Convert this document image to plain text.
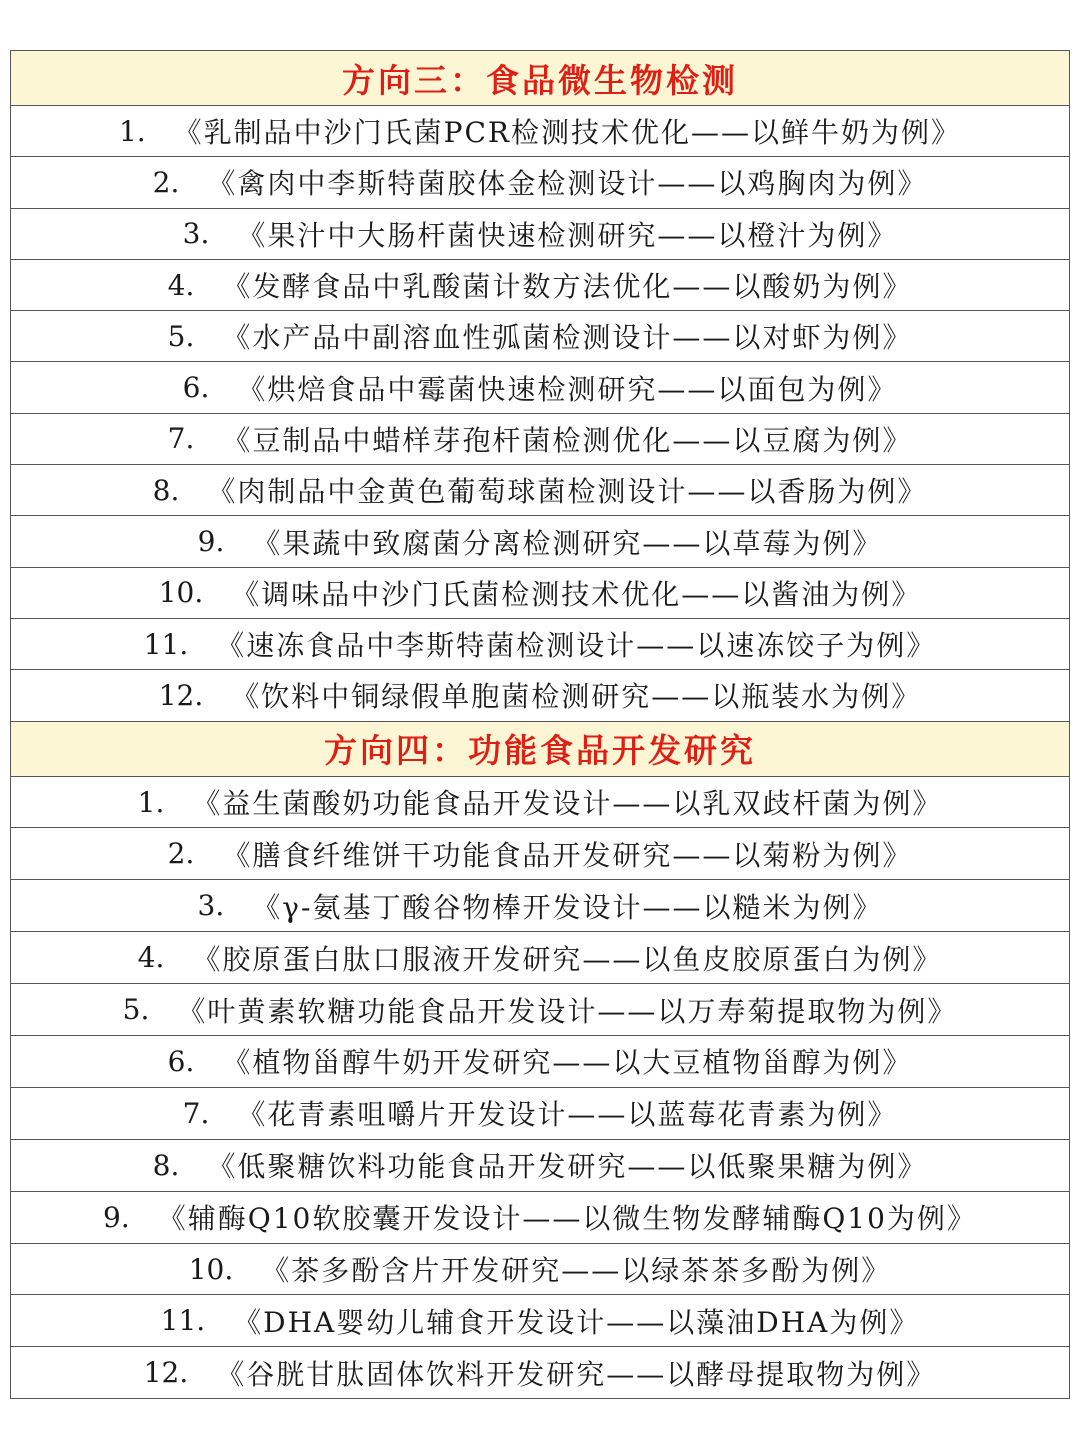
方向三：食品微生物检测
1. 《乳制品中沙门氏菌PCR检测技术优化——以鲜牛奶为例》
2. 《禽肉中李斯特菌胶体金检测设计——以鸡胸肉为例》
3. 《果汁中大肠杆菌快速检测研究——以橙汁为例》
4. 《发酵食品中乳酸菌计数方法优化——以酸奶为例》
5. 《水产品中副溶血性弧菌检测设计——以对虾为例》
6. 《烘焙食品中霉菌快速检测研究——以面包为例》
7. 《豆制品中蜡样芽孢杆菌检测优化——以豆腐为例》
8. 《肉制品中金黄色葡萄球菌检测设计——以香肠为例》
9. 《果蔬中致腐菌分离检测研究——以草莓为例》
10. 《调味品中沙门氏菌检测技术优化——以酱油为例》
11. 《速冻食品中李斯特菌检测设计——以速冻饺子为例》
12. 《饮料中铜绿假单胞菌检测研究——以瓶装水为例》
方向四：功能食品开发研究
1. 《益生菌酸奶功能食品开发设计——以乳双歧杆菌为例》
2. 《膳食纤维饼干功能食品开发研究——以菊粉为例》
3. 《γ-氨基丁酸谷物棒开发设计——以糙米为例》
4. 《胶原蛋白肽口服液开发研究——以鱼皮胶原蛋白为例》
5. 《叶黄素软糖功能食品开发设计——以万寿菊提取物为例》
6. 《植物甾醇牛奶开发研究——以大豆植物甾醇为例》
7. 《花青素咀嚼片开发设计——以蓝莓花青素为例》
8. 《低聚糖饮料功能食品开发研究——以低聚果糖为例》
9. 《辅酶Q10软胶囊开发设计——以微生物发酵辅酶Q10为例》
10. 《茶多酚含片开发研究——以绿茶茶多酚为例》
11. 《DHA婴幼儿辅食开发设计——以藻油DHA为例》
12. 《谷胱甘肽固体饮料开发研究——以酵母提取物为例》
